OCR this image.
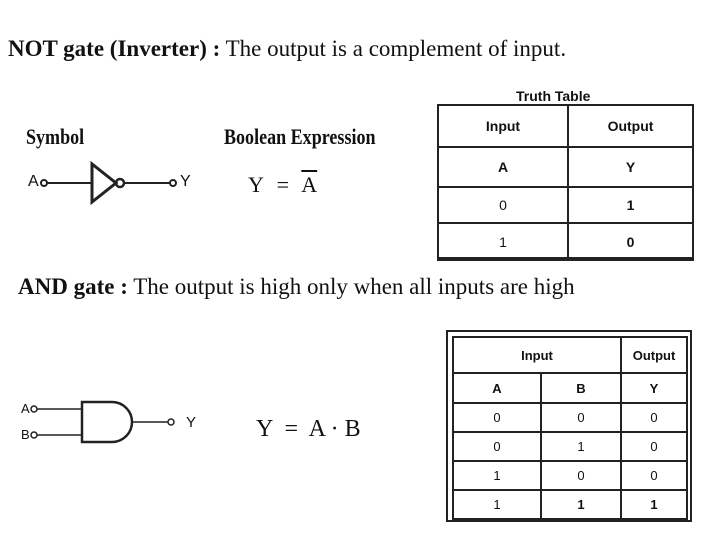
NOT gate (Inverter) : The output is a complement of input.
Symbol	Boolean Expression
A	Y	$Y = \overline{A}$
Truth Table
Input	Output
A	Y
0	1
1	0
AND gate : The output is high only when all inputs are high
A
B
Y Y  =  A · B
Input		Output
A	B	Y
0	0	0
0	1	0
1	0	0
1	1	1
